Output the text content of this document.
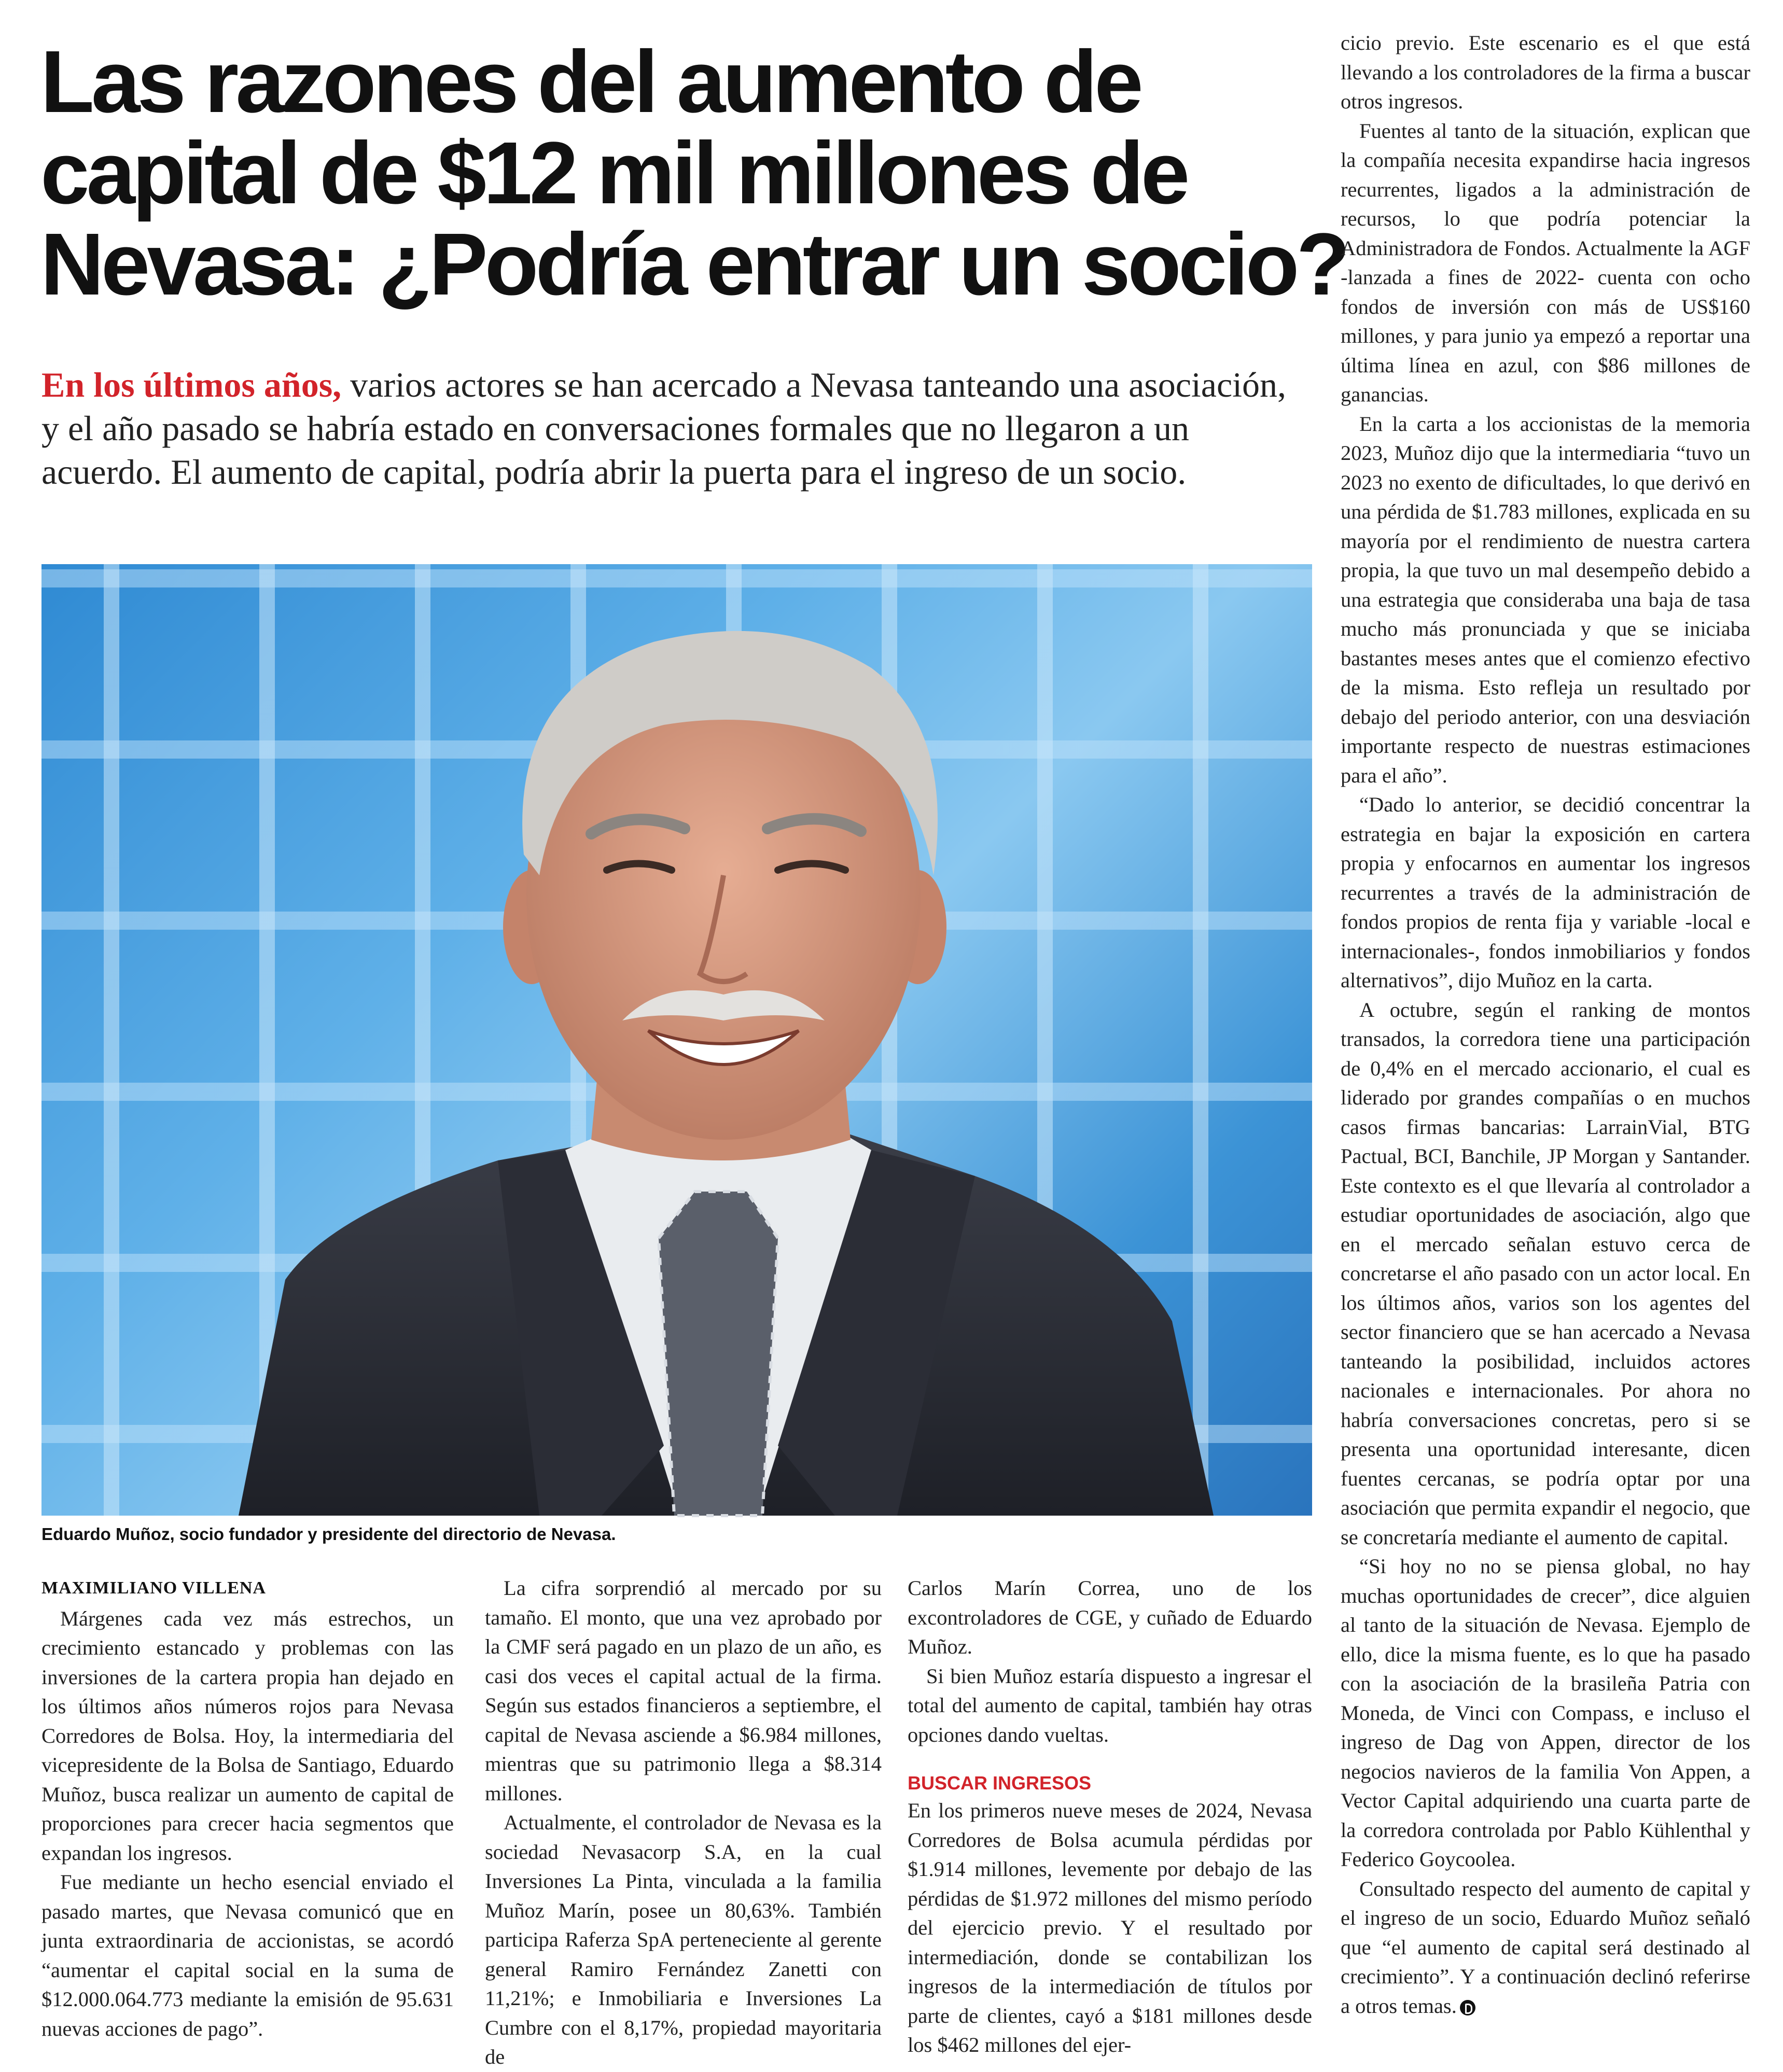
Las razones del aumento de
capital de $12 mil millones de
Nevasa: ¿Podría entrar un socio?
En los últimos años, varios actores se han acercado a Nevasa tanteando una asociación, y el año pasado se habría estado en conversaciones formales que no llegaron a un acuerdo. El aumento de capital, podría abrir la puerta para el ingreso de un socio.
Eduardo Muñoz, socio fundador y presidente del directorio de Nevasa.
MAXIMILIANO VILLENA

Márgenes cada vez más estrechos, un crecimiento estancado y problemas con las inversiones de la cartera propia han dejado en los últimos años números rojos para Nevasa Corredores de Bolsa. Hoy, la intermediaria del vicepresidente de la Bolsa de Santiago, Eduardo Muñoz, busca realizar un aumento de capital de proporciones para crecer hacia segmentos que expandan los ingresos.

Fue mediante un hecho esencial enviado el pasado martes, que Nevasa comunicó que en junta extraordinaria de accionistas, se acordó “aumentar el capital social en la suma de $12.000.064.773 mediante la emisión de 95.631 nuevas acciones de pago”.

La cifra sorprendió al mercado por su tamaño. El monto, que una vez aprobado por la CMF será pagado en un plazo de un año, es casi dos veces el capital actual de la firma. Según sus estados financieros a septiembre, el capital de Nevasa asciende a $6.984 millones, mientras que su patrimonio llega a $8.314 millones.

Actualmente, el controlador de Nevasa es la sociedad Nevasacorp S.A, en la cual Inversiones La Pinta, vinculada a la familia Muñoz Marín, posee un 80,63%. También participa Raferza SpA perteneciente al gerente general Ramiro Fernández Zanetti con 11,21%; e Inmobiliaria e Inversiones La Cumbre con el 8,17%, propiedad mayoritaria de

Carlos Marín Correa, uno de los excontroladores de CGE, y cuñado de Eduardo Muñoz.

Si bien Muñoz estaría dispuesto a ingresar el total del aumento de capital, también hay otras opciones dando vueltas.

BUSCAR INGRESOS

En los primeros nueve meses de 2024, Nevasa Corredores de Bolsa acumula pérdidas por $1.914 millones, levemente por debajo de las pérdidas de $1.972 millones del mismo período del ejercicio previo. Y el resultado por intermediación, donde se contabilizan los ingresos de la intermediación de títulos por parte de clientes, cayó a $181 millones desde los $462 millones del ejer-

cicio previo. Este escenario es el que está llevando a los controladores de la firma a buscar otros ingresos.

Fuentes al tanto de la situación, explican que la compañía necesita expandirse hacia ingresos recurrentes, ligados a la administración de recursos, lo que podría potenciar la Administradora de Fondos. Actualmente la AGF -lanzada a fines de 2022- cuenta con ocho fondos de inversión con más de US$160 millones, y para junio ya empezó a reportar una última línea en azul, con $86 millones de ganancias.

En la carta a los accionistas de la memoria 2023, Muñoz dijo que la intermediaria “tuvo un 2023 no exento de dificultades, lo que derivó en una pérdida de $1.783 millones, explicada en su mayoría por el rendimiento de nuestra cartera propia, la que tuvo un mal desempeño debido a una estrategia que consideraba una baja de tasa mucho más pronunciada y que se iniciaba bastantes meses antes que el comienzo efectivo de la misma. Esto refleja un resultado por debajo del periodo anterior, con una desviación importante respecto de nuestras estimaciones para el año”.

“Dado lo anterior, se decidió concentrar la estrategia en bajar la exposición en cartera propia y enfocarnos en aumentar los ingresos recurrentes a través de la administración de fondos propios de renta fija y variable -local e internacionales-, fondos inmobiliarios y fondos alternativos”, dijo Muñoz en la carta.

A octubre, según el ranking de montos transados, la corredora tiene una participación de 0,4% en el mercado accionario, el cual es liderado por grandes compañías o en muchos casos firmas bancarias: LarrainVial, BTG Pactual, BCI, Banchile, JP Morgan y Santander. Este contexto es el que llevaría al controlador a estudiar oportunidades de asociación, algo que en el mercado señalan estuvo cerca de concretarse el año pasado con un actor local. En los últimos años, varios son los agentes del sector financiero que se han acercado a Nevasa tanteando la posibilidad, incluidos actores nacionales e internacionales. Por ahora no habría conversaciones concretas, pero si se presenta una oportunidad interesante, dicen fuentes cercanas, se podría optar por una asociación que permita expandir el negocio, que se concretaría mediante el aumento de capital.

“Si hoy no no se piensa global, no hay muchas oportunidades de crecer”, dice alguien al tanto de la situación de Nevasa. Ejemplo de ello, dice la misma fuente, es lo que ha pasado con la asociación de la brasileña Patria con Moneda, de Vinci con Compass, e incluso el ingreso de Dag von Appen, director de los negocios navieros de la familia Von Appen, a Vector Capital adquiriendo una cuarta parte de la corredora controlada por Pablo Kühlenthal y Federico Goycoolea.

Consultado respecto del aumento de capital y el ingreso de un socio, Eduardo Muñoz señaló que “el aumento de capital será destinado al crecimiento”. Y a continuación declinó referirse a otros temas.
